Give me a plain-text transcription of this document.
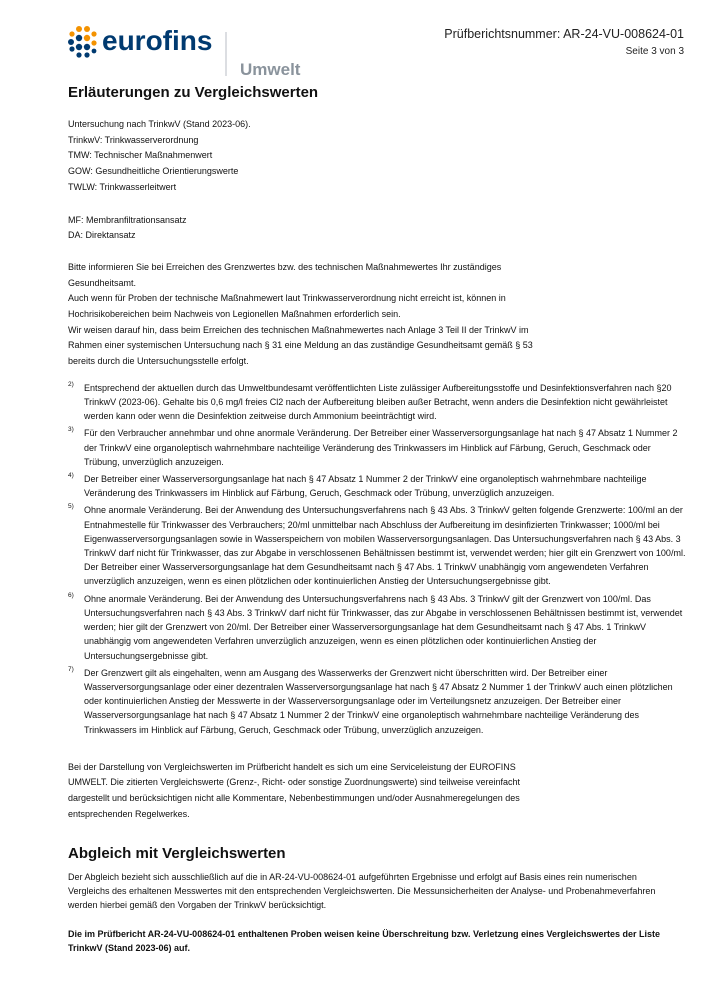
eurofins
Umwelt
Prüfberichtsnummer: AR-24-VU-008624-01
Seite 3 von 3
Erläuterungen zu Vergleichswerten
Untersuchung nach TrinkwV (Stand 2023-06).
TrinkwV: Trinkwasserverordnung
TMW: Technischer Maßnahmenwert
GOW: Gesundheitliche Orientierungswerte
TWLW: Trinkwasserleitwert
MF: Membranfiltrationsansatz
DA: Direktansatz

Bitte informieren Sie bei Erreichen des Grenzwertes bzw. des technischen Maßnahmewertes Ihr zuständiges Gesundheitsamt.

Auch wenn für Proben der technische Maßnahmewert laut Trinkwasserverordnung nicht erreicht ist, können in Hochrisikobereichen beim Nachweis von Legionellen Maßnahmen erforderlich sein.

Wir weisen darauf hin, dass beim Erreichen des technischen Maßnahmewertes nach Anlage 3 Teil II der TrinkwV im Rahmen einer systemischen Untersuchung nach § 31 eine Meldung an das zuständige Gesundheitsamt gemäß § 53 bereits durch die Untersuchungsstelle erfolgt.

2) Entsprechend der aktuellen durch das Umweltbundesamt veröffentlichten Liste zulässiger Aufbereitungsstoffe und Desinfektionsverfahren nach §20 TrinkwV (2023-06). Gehalte bis 0,6 mg/l freies Cl2 nach der Aufbereitung bleiben außer Betracht, wenn anders die Desinfektion nicht gewährleistet werden kann oder wenn die Desinfektion zeitweise durch Ammonium beeinträchtigt wird.
3) Für den Verbraucher annehmbar und ohne anormale Veränderung. Der Betreiber einer Wasserversorgungsanlage hat nach § 47 Absatz 1 Nummer 2 der TrinkwV eine organoleptisch wahrnehmbare nachteilige Veränderung des Trinkwassers im Hinblick auf Färbung, Geruch, Geschmack oder Trübung, unverzüglich anzuzeigen.
4) Der Betreiber einer Wasserversorgungsanlage hat nach § 47 Absatz 1 Nummer 2 der TrinkwV eine organoleptisch wahrnehmbare nachteilige Veränderung des Trinkwassers im Hinblick auf Färbung, Geruch, Geschmack oder Trübung, unverzüglich anzuzeigen.
5) Ohne anormale Veränderung. Bei der Anwendung des Untersuchungsverfahrens nach § 43 Abs. 3 TrinkwV gelten folgende Grenzwerte: 100/ml an der Entnahmestelle für Trinkwasser des Verbrauchers; 20/ml unmittelbar nach Abschluss der Aufbereitung im desinfizierten Trinkwasser; 1000/ml bei Eigenwasserversorgungsanlagen sowie in Wasserspeichern von mobilen Wasserversorgungsanlagen. Das Untersuchungsverfahren nach § 43 Abs. 3 TrinkwV darf nicht für Trinkwasser, das zur Abgabe in verschlossenen Behältnissen bestimmt ist, verwendet werden; hier gilt ein Grenzwert von 100/ml. Der Betreiber einer Wasserversorgungsanlage hat dem Gesundheitsamt nach § 47 Abs. 1 TrinkwV unabhängig vom angewendeten Verfahren unverzüglich anzuzeigen, wenn es einen plötzlichen oder kontinuierlichen Anstieg der Untersuchungsergebnisse gibt.
6) Ohne anormale Veränderung. Bei der Anwendung des Untersuchungsverfahrens nach § 43 Abs. 3 TrinkwV gilt der Grenzwert von 100/ml. Das Untersuchungsverfahren nach § 43 Abs. 3 TrinkwV darf nicht für Trinkwasser, das zur Abgabe in verschlossenen Behältnissen bestimmt ist, verwendet werden; hier gilt der Grenzwert von 20/ml. Der Betreiber einer Wasserversorgungsanlage hat dem Gesundheitsamt nach § 47 Abs. 1 TrinkwV unabhängig vom angewendeten Verfahren unverzüglich anzuzeigen, wenn es einen plötzlichen oder kontinuierlichen Anstieg der Untersuchungsergebnisse gibt.
7) Der Grenzwert gilt als eingehalten, wenn am Ausgang des Wasserwerks der Grenzwert nicht überschritten wird. Der Betreiber einer Wasserversorgungsanlage oder einer dezentralen Wasserversorgungsanlage hat nach § 47 Absatz 2 Nummer 1 der TrinkwV auch einen plötzlichen oder kontinuierlichen Anstieg der Messwerte in der Wasserversorgungsanlage oder im Verteilungsnetz anzuzeigen. Der Betreiber einer Wasserversorgungsanlage hat nach § 47 Absatz 1 Nummer 2 der TrinkwV eine organoleptisch wahrnehmbare nachteilige Veränderung des Trinkwassers im Hinblick auf Färbung, Geruch, Geschmack oder Trübung, unverzüglich anzuzeigen.

Bei der Darstellung von Vergleichswerten im Prüfbericht handelt es sich um eine Serviceleistung der EUROFINS UMWELT. Die zitierten Vergleichswerte (Grenz-, Richt- oder sonstige Zuordnungswerte) sind teilweise vereinfacht dargestellt und berücksichtigen nicht alle Kommentare, Nebenbestimmungen und/oder Ausnahmeregelungen des entsprechenden Regelwerkes.

Abgleich mit Vergleichswerten

Der Abgleich bezieht sich ausschließlich auf die in AR-24-VU-008624-01 aufgeführten Ergebnisse und erfolgt auf Basis eines rein numerischen Vergleichs des erhaltenen Messwertes mit den entsprechenden Vergleichswerten. Die Messunsicherheiten der Analyse- und Probenahmeverfahren werden hierbei gemäß den Vorgaben der TrinkwV berücksichtigt.

Die im Prüfbericht AR-24-VU-008624-01 enthaltenen Proben weisen keine Überschreitung bzw. Verletzung eines Vergleichswertes der Liste TrinkwV (Stand 2023-06) auf.
